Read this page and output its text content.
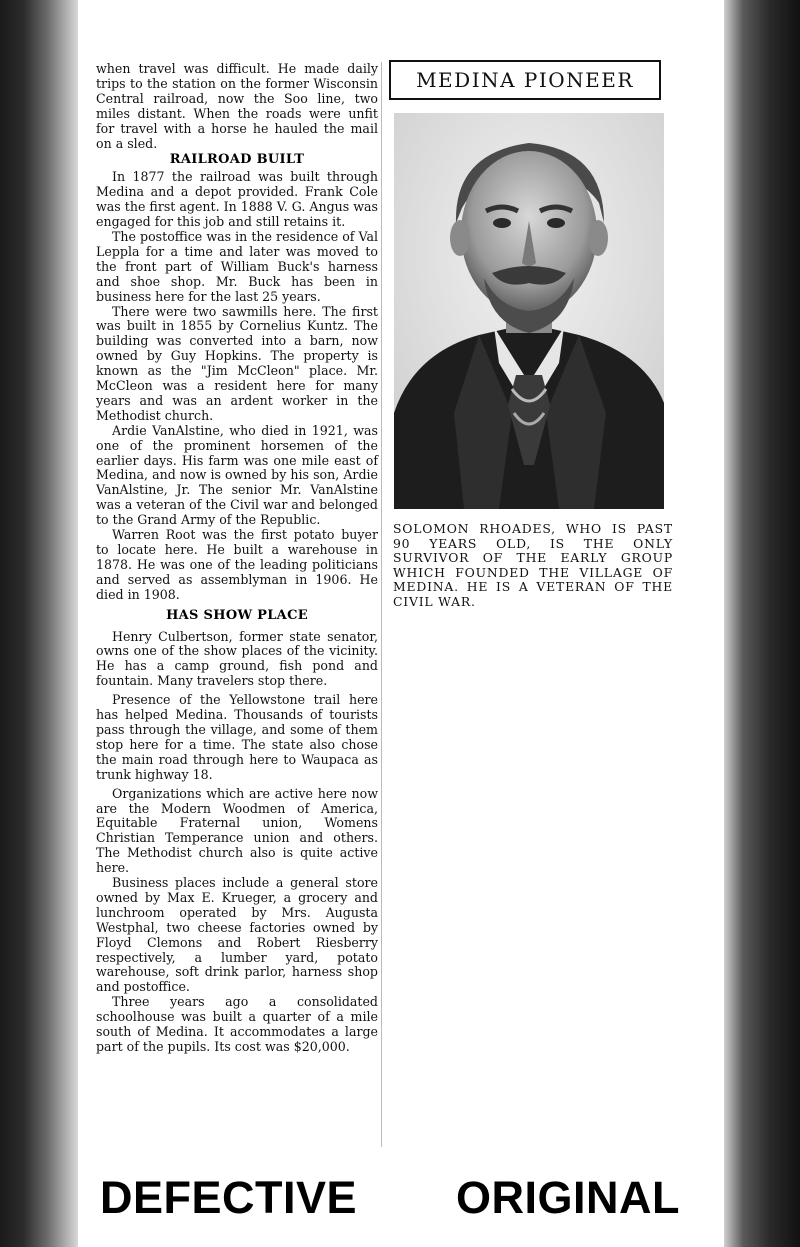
when travel was difficult. He made daily trips to the station on the former Wisconsin Central railroad, now the Soo line, two miles distant. When the roads were unfit for travel with a horse he hauled the mail on a sled.

RAILROAD BUILT

In 1877 the railroad was built through Medina and a depot provided. Frank Cole was the first agent. In 1888 V. G. Angus was engaged for this job and still retains it.

The postoffice was in the residence of Val Leppla for a time and later was moved to the front part of William Buck's harness and shoe shop. Mr. Buck has been in business here for the last 25 years.

There were two sawmills here. The first was built in 1855 by Cornelius Kuntz. The building was converted into a barn, now owned by Guy Hopkins. The property is known as the "Jim McCleon" place. Mr. McCleon was a resident here for many years and was an ardent worker in the Methodist church.

Ardie VanAlstine, who died in 1921, was one of the prominent horsemen of the earlier days. His farm was one mile east of Medina, and now is owned by his son, Ardie VanAlstine, Jr. The senior Mr. VanAlstine was a veteran of the Civil war and belonged to the Grand Army of the Republic.

Warren Root was the first potato buyer to locate here. He built a warehouse in 1878. He was one of the leading politicians and served as assemblyman in 1906. He died in 1908.

HAS SHOW PLACE

Henry Culbertson, former state senator, owns one of the show places of the vicinity. He has a camp ground, fish pond and fountain. Many travelers stop there.

Presence of the Yellowstone trail here has helped Medina. Thousands of tourists pass through the village, and some of them stop here for a time. The state also chose the main road through here to Waupaca as trunk highway 18.

Organizations which are active here now are the Modern Woodmen of America, Equitable Fraternal union, Womens Christian Temperance union and others. The Methodist church also is quite active here.

Business places include a general store owned by Max E. Krueger, a grocery and lunchroom operated by Mrs. Augusta Westphal, two cheese factories owned by Floyd Clemons and Robert Riesberry respectively, a lumber yard, potato warehouse, soft drink parlor, harness shop and postoffice.

Three years ago a consolidated schoolhouse was built a quarter of a mile south of Medina. It accommodates a large part of the pupils. Its cost was $20,000.

MEDINA PIONEER

SOLOMON RHOADES, WHO IS PAST 90 YEARS OLD, IS THE ONLY SURVIVOR OF THE EARLY GROUP WHICH FOUNDED THE VILLAGE OF MEDINA. HE IS A VETERAN OF THE CIVIL WAR.

DEFECTIVE ORIGINAL
